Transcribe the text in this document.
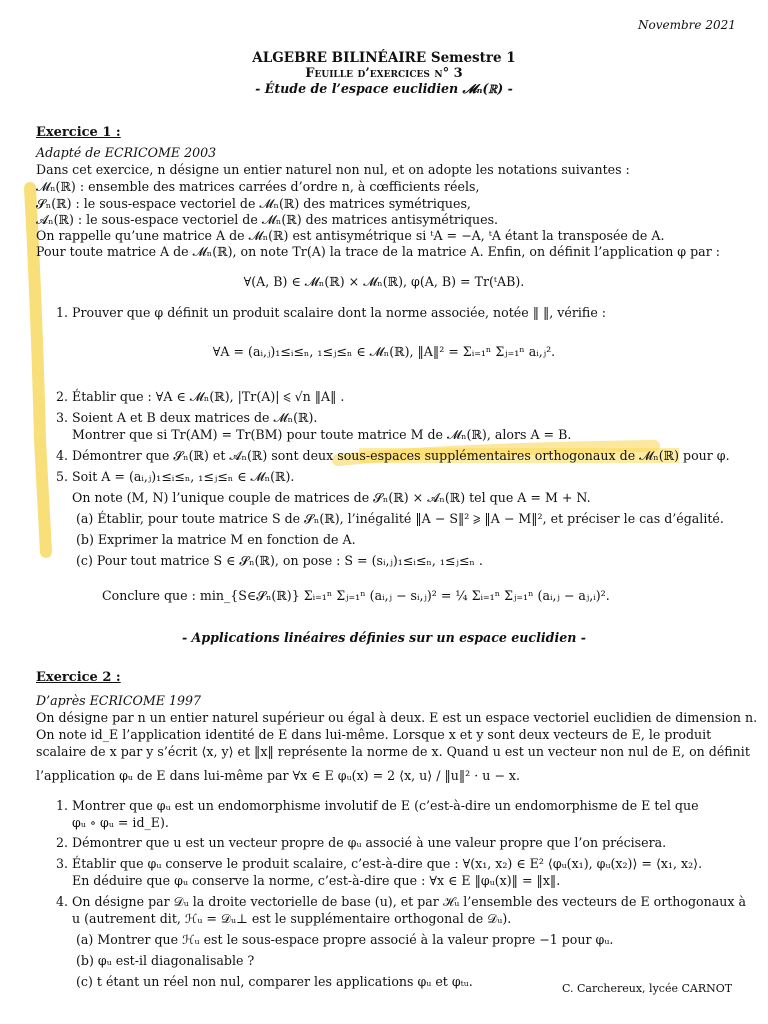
Novembre 2021
ALGEBRE BILINÉAIRE Semestre 1
Feuille d’exercices n° 3
- Étude de l’espace euclidien 𝓜ₙ(ℝ) -
Exercice 1 :
Adapté de ECRICOME 2003
Dans cet exercice, n désigne un entier naturel non nul, et on adopte les notations suivantes :
𝓜ₙ(ℝ) : ensemble des matrices carrées d’ordre n, à cœfficients réels,
𝓢ₙ(ℝ) : le sous-espace vectoriel de 𝓜ₙ(ℝ) des matrices symétriques,
𝓐ₙ(ℝ) : le sous-espace vectoriel de 𝓜ₙ(ℝ) des matrices antisymétriques.
On rappelle qu’une matrice A de 𝓜ₙ(ℝ) est antisymétrique si ᵗA = −A, ᵗA étant la transposée de A.
Pour toute matrice A de 𝓜ₙ(ℝ), on note Tr(A) la trace de la matrice A. Enfin, on définit l’application φ par :
∀(A, B) ∈ 𝓜ₙ(ℝ) × 𝓜ₙ(ℝ), φ(A, B) = Tr(ᵗAB).
1. Prouver que φ définit un produit scalaire dont la norme associée, notée ‖ ‖, vérifie :
∀A = (aᵢ,ⱼ)₁≤ᵢ≤ₙ, ₁≤ⱼ≤ₙ ∈ 𝓜ₙ(ℝ), ‖A‖² = Σᵢ₌₁ⁿ Σⱼ₌₁ⁿ aᵢ,ⱼ².
2. Établir que : ∀A ∈ 𝓜ₙ(ℝ), |Tr(A)| ⩽ √n ‖A‖ .
3. Soient A et B deux matrices de 𝓜ₙ(ℝ).
Montrer que si Tr(AM) = Tr(BM) pour toute matrice M de 𝓜ₙ(ℝ), alors A = B.
4. Démontrer que 𝓢ₙ(ℝ) et 𝓐ₙ(ℝ) sont deux sous-espaces supplémentaires orthogonaux de 𝓜ₙ(ℝ) pour φ.
5. Soit A = (aᵢ,ⱼ)₁≤ᵢ≤ₙ, ₁≤ⱼ≤ₙ ∈ 𝓜ₙ(ℝ).
On note (M, N) l’unique couple de matrices de 𝓢ₙ(ℝ) × 𝓐ₙ(ℝ) tel que A = M + N.
(a) Établir, pour toute matrice S de 𝓢ₙ(ℝ), l’inégalité ‖A − S‖² ⩾ ‖A − M‖², et préciser le cas d’égalité.
(b) Exprimer la matrice M en fonction de A.
(c) Pour tout matrice S ∈ 𝓢ₙ(ℝ), on pose : S = (sᵢ,ⱼ)₁≤ᵢ≤ₙ, ₁≤ⱼ≤ₙ .
Conclure que : min_{S∈𝓢ₙ(ℝ)} Σᵢ₌₁ⁿ Σⱼ₌₁ⁿ (aᵢ,ⱼ − sᵢ,ⱼ)² = ¼ Σᵢ₌₁ⁿ Σⱼ₌₁ⁿ (aᵢ,ⱼ − aⱼ,ᵢ)².
- Applications linéaires définies sur un espace euclidien -
Exercice 2 :
D’après ECRICOME 1997
On désigne par n un entier naturel supérieur ou égal à deux. E est un espace vectoriel euclidien de dimension n.
On note id_E l’application identité de E dans lui-même. Lorsque x et y sont deux vecteurs de E, le produit
scalaire de x par y s’écrit ⟨x, y⟩ et ‖x‖ représente la norme de x. Quand u est un vecteur non nul de E, on définit
l’application φᵤ de E dans lui-même par ∀x ∈ E φᵤ(x) = 2 ⟨x, u⟩ / ‖u‖² · u − x.
1. Montrer que φᵤ est un endomorphisme involutif de E (c’est-à-dire un endomorphisme de E tel que
φᵤ ∘ φᵤ = id_E).
2. Démontrer que u est un vecteur propre de φᵤ associé à une valeur propre que l’on précisera.
3. Établir que φᵤ conserve le produit scalaire, c’est-à-dire que : ∀(x₁, x₂) ∈ E² ⟨φᵤ(x₁), φᵤ(x₂)⟩ = ⟨x₁, x₂⟩.
En déduire que φᵤ conserve la norme, c’est-à-dire que : ∀x ∈ E ‖φᵤ(x)‖ = ‖x‖.
4. On désigne par 𝒟ᵤ la droite vectorielle de base (u), et par ℋᵤ l’ensemble des vecteurs de E orthogonaux à
u (autrement dit, ℋᵤ = 𝒟ᵤ⊥ est le supplémentaire orthogonal de 𝒟ᵤ).
(a) Montrer que ℋᵤ est le sous-espace propre associé à la valeur propre −1 pour φᵤ.
(b) φᵤ est-il diagonalisable ?
(c) t étant un réel non nul, comparer les applications φᵤ et φₜᵤ.	C. Carchereux, lycée CARNOT
